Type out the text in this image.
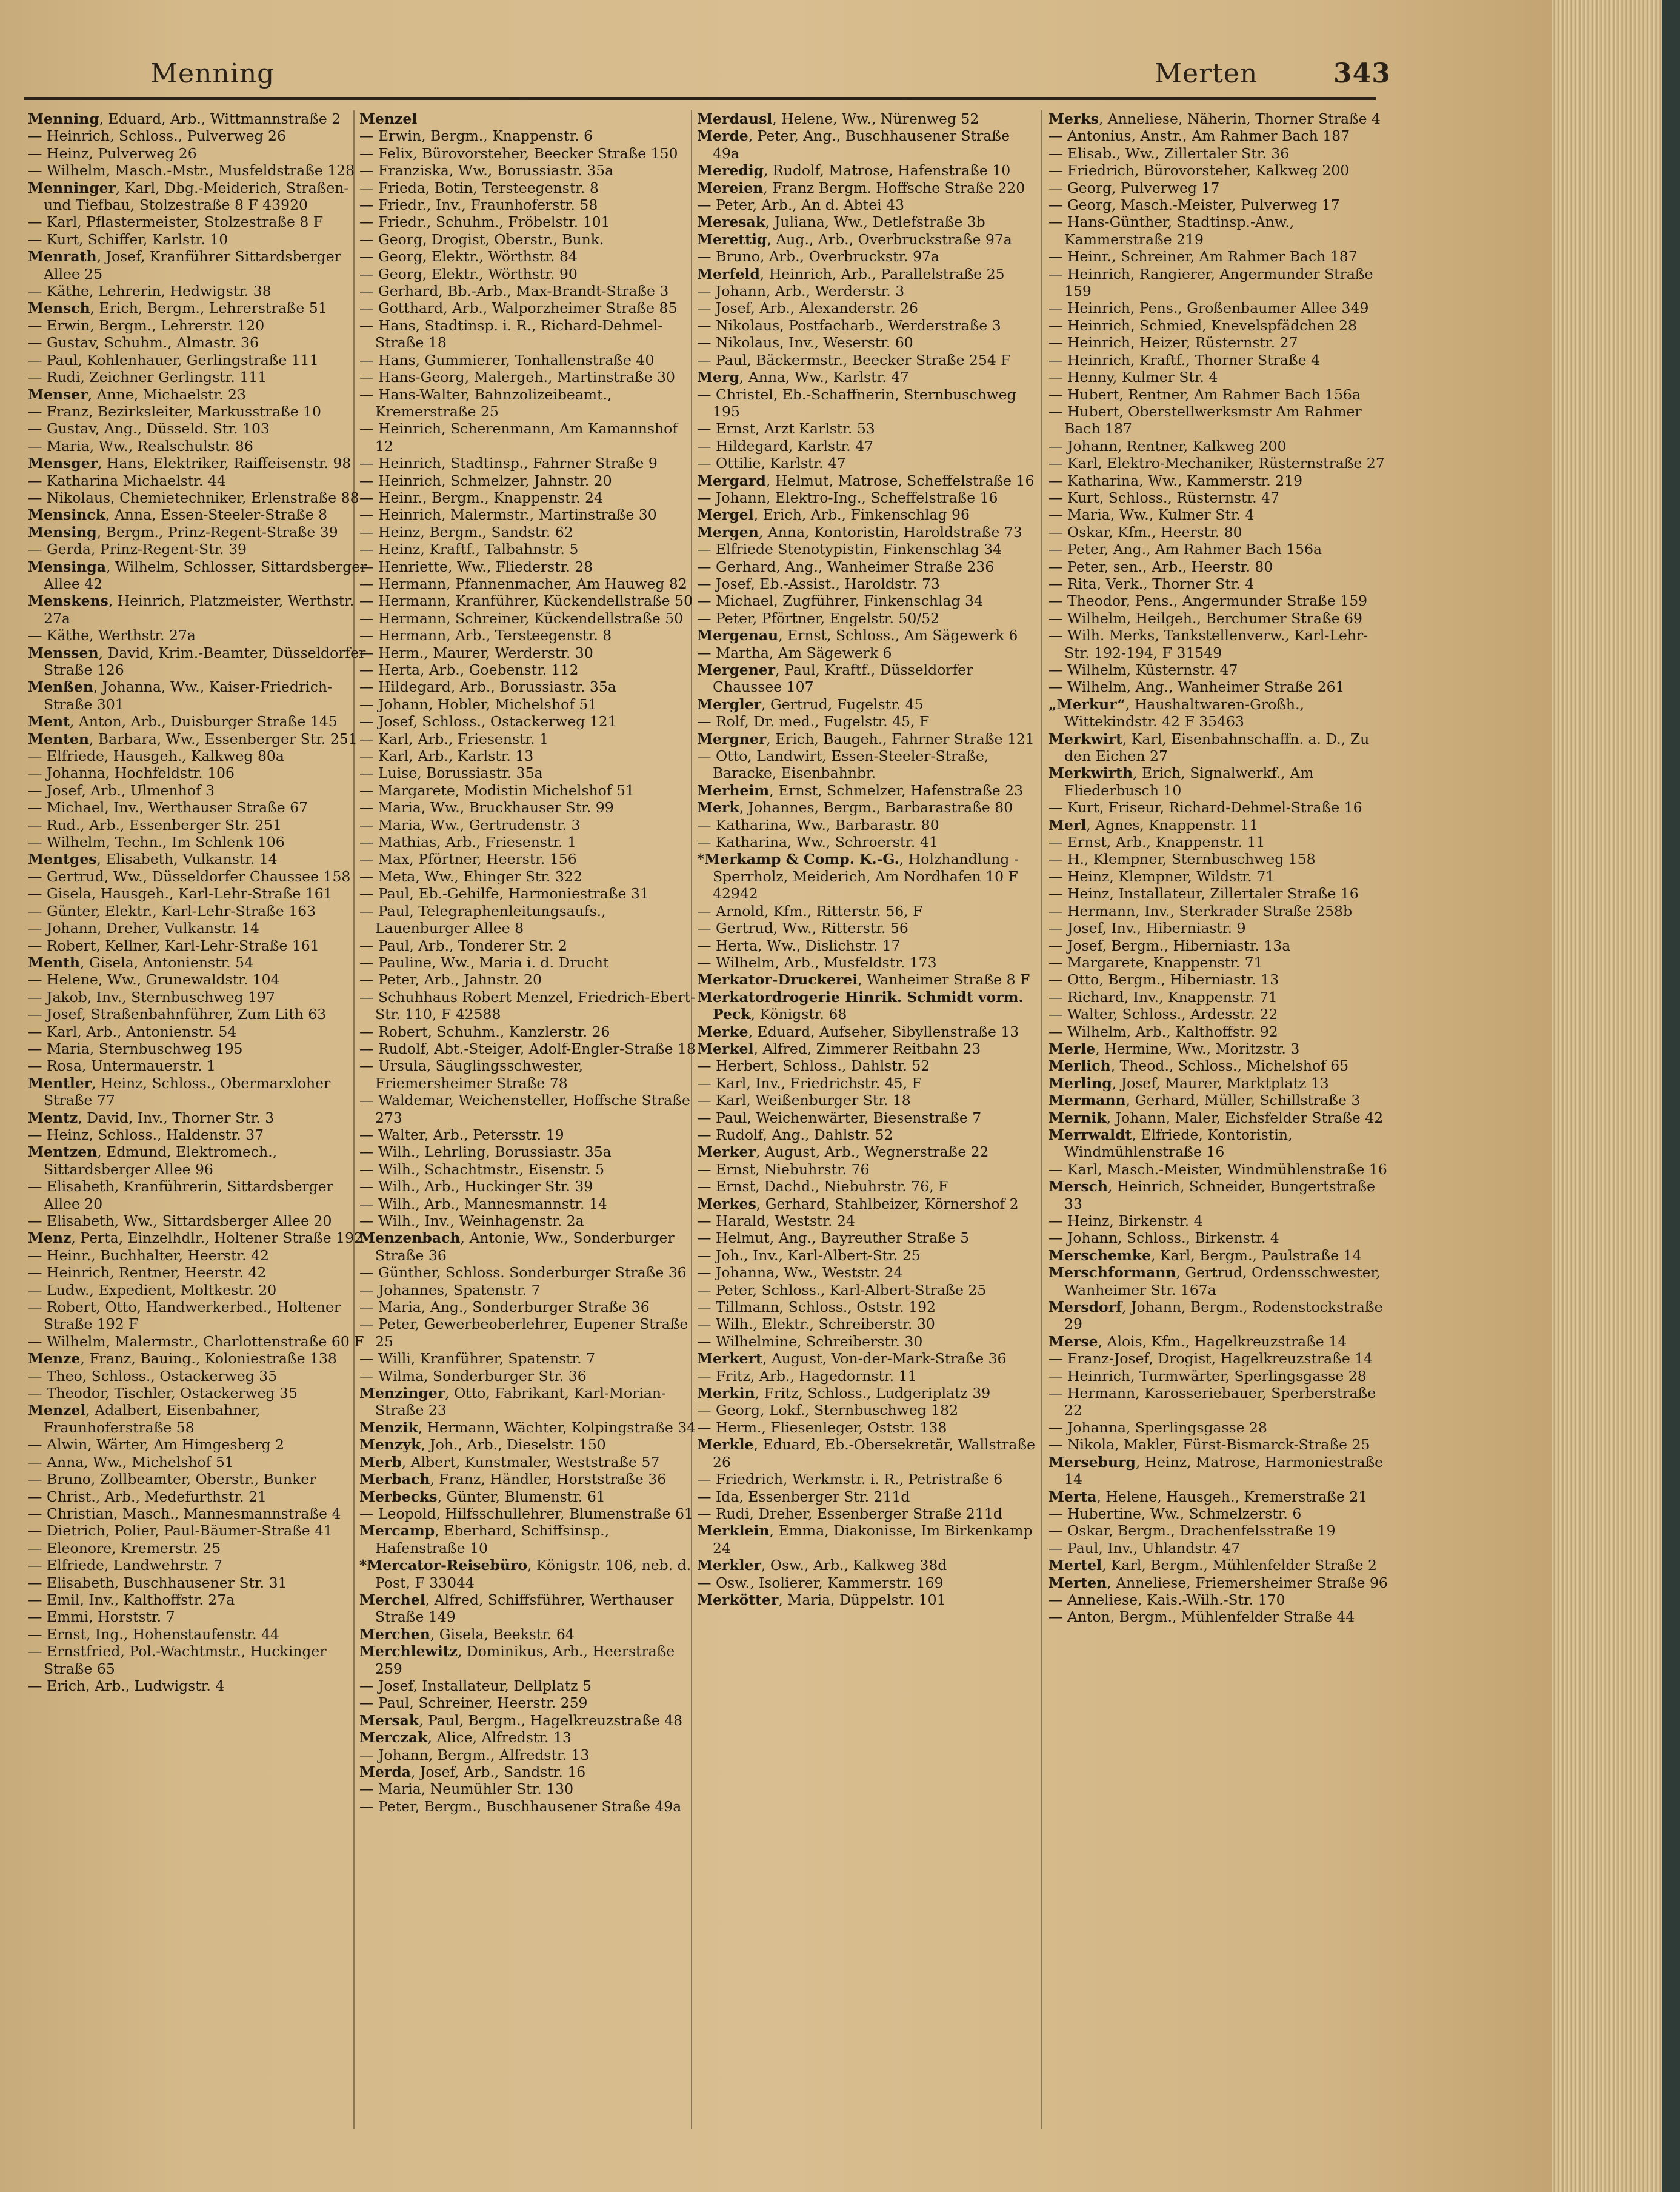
Menning	Merten	343

Menning, Eduard, Arb., Wittmannstraße 2

— Heinrich, Schloss., Pulverweg 26

— Heinz, Pulverweg 26

— Wilhelm, Masch.-Mstr., Musfeldstraße 128

Menninger, Karl, Dbg.-Meiderich, Straßen- und Tiefbau, Stolzestraße 8 F 43920

— Karl, Pflastermeister, Stolzestraße 8 F

— Kurt, Schiffer, Karlstr. 10

Menrath, Josef, Kranführer Sittardsberger Allee 25

— Käthe, Lehrerin, Hedwigstr. 38

Mensch, Erich, Bergm., Lehrerstraße 51

— Erwin, Bergm., Lehrerstr. 120

— Gustav, Schuhm., Almastr. 36

— Paul, Kohlenhauer, Gerlingstraße 111

— Rudi, Zeichner Gerlingstr. 111

Menser, Anne, Michaelstr. 23

— Franz, Bezirksleiter, Markusstraße 10

— Gustav, Ang., Düsseld. Str. 103

— Maria, Ww., Realschulstr. 86

Mensger, Hans, Elektriker, Raiffeisenstr. 98

— Katharina Michaelstr. 44

— Nikolaus, Chemietechniker, Erlenstraße 88

Mensinck, Anna, Essen-Steeler-Straße 8

Mensing, Bergm., Prinz-Regent-Straße 39

— Gerda, Prinz-Regent-Str. 39

Mensinga, Wilhelm, Schlosser, Sittardsberger Allee 42

Menskens, Heinrich, Platzmeister, Werthstr. 27a

— Käthe, Werthstr. 27a

Menssen, David, Krim.-Beamter, Düsseldorfer Straße 126

Menßen, Johanna, Ww., Kaiser-Friedrich-Straße 301

Ment, Anton, Arb., Duisburger Straße 145

Menten, Barbara, Ww., Essenberger Str. 251

— Elfriede, Hausgeh., Kalkweg 80a

— Johanna, Hochfeldstr. 106

— Josef, Arb., Ulmenhof 3

— Michael, Inv., Werthauser Straße 67

— Rud., Arb., Essenberger Str. 251

— Wilhelm, Techn., Im Schlenk 106

Mentges, Elisabeth, Vulkanstr. 14

— Gertrud, Ww., Düsseldorfer Chaussee 158

— Gisela, Hausgeh., Karl-Lehr-Straße 161

— Günter, Elektr., Karl-Lehr-Straße 163

— Johann, Dreher, Vulkanstr. 14

— Robert, Kellner, Karl-Lehr-Straße 161

Menth, Gisela, Antonienstr. 54

— Helene, Ww., Grunewaldstr. 104

— Jakob, Inv., Sternbuschweg 197

— Josef, Straßenbahnführer, Zum Lith 63

— Karl, Arb., Antonienstr. 54

— Maria, Sternbuschweg 195

— Rosa, Untermauerstr. 1

Mentler, Heinz, Schloss., Obermarxloher Straße 77

Mentz, David, Inv., Thorner Str. 3

— Heinz, Schloss., Haldenstr. 37

Mentzen, Edmund, Elektromech., Sittardsberger Allee 96

— Elisabeth, Kranführerin, Sittardsberger Allee 20

— Elisabeth, Ww., Sittardsberger Allee 20

Menz, Perta, Einzelhdlr., Holtener Straße 192

— Heinr., Buchhalter, Heerstr. 42

— Heinrich, Rentner, Heerstr. 42

— Ludw., Expedient, Moltkestr. 20

— Robert, Otto, Handwerkerbed., Holtener Straße 192 F

— Wilhelm, Malermstr., Charlottenstraße 60 F

Menze, Franz, Bauing., Koloniestraße 138

— Theo, Schloss., Ostackerweg 35

— Theodor, Tischler, Ostackerweg 35

Menzel, Adalbert, Eisenbahner, Fraunhoferstraße 58

— Alwin, Wärter, Am Himgesberg 2

— Anna, Ww., Michelshof 51

— Bruno, Zollbeamter, Oberstr., Bunker

— Christ., Arb., Medefurthstr. 21

— Christian, Masch., Mannesmannstraße 4

— Dietrich, Polier, Paul-Bäumer-Straße 41

— Eleonore, Kremerstr. 25

— Elfriede, Landwehrstr. 7

— Elisabeth, Buschhausener Str. 31

— Emil, Inv., Kalthoffstr. 27a

— Emmi, Horststr. 7

— Ernst, Ing., Hohenstaufenstr. 44

— Ernstfried, Pol.-Wachtmstr., Huckinger Straße 65

— Erich, Arb., Ludwigstr. 4

Menzel

— Erwin, Bergm., Knappenstr. 6

— Felix, Bürovorsteher, Beecker Straße 150

— Franziska, Ww., Borussiastr. 35a

— Frieda, Botin, Tersteegenstr. 8

— Friedr., Inv., Fraunhoferstr. 58

— Friedr., Schuhm., Fröbelstr. 101

— Georg, Drogist, Oberstr., Bunk.

— Georg, Elektr., Wörthstr. 84

— Georg, Elektr., Wörthstr. 90

— Gerhard, Bb.-Arb., Max-Brandt-Straße 3

— Gotthard, Arb., Walporzheimer Straße 85

— Hans, Stadtinsp. i. R., Richard-Dehmel-Straße 18

— Hans, Gummierer, Tonhallenstraße 40

— Hans-Georg, Malergeh., Martinstraße 30

— Hans-Walter, Bahnzolizeibeamt., Kremerstraße 25

— Heinrich, Scherenmann, Am Kamannshof 12

— Heinrich, Stadtinsp., Fahrner Straße 9

— Heinrich, Schmelzer, Jahnstr. 20

— Heinr., Bergm., Knappenstr. 24

— Heinrich, Malermstr., Martinstraße 30

— Heinz, Bergm., Sandstr. 62

— Heinz, Kraftf., Talbahnstr. 5

— Henriette, Ww., Fliederstr. 28

— Hermann, Pfannenmacher, Am Hauweg 82

— Hermann, Kranführer, Kückendellstraße 50

— Hermann, Schreiner, Kückendellstraße 50

— Hermann, Arb., Tersteegenstr. 8

— Herm., Maurer, Werderstr. 30

— Herta, Arb., Goebenstr. 112

— Hildegard, Arb., Borussiastr. 35a

— Johann, Hobler, Michelshof 51

— Josef, Schloss., Ostackerweg 121

— Karl, Arb., Friesenstr. 1

— Karl, Arb., Karlstr. 13

— Luise, Borussiastr. 35a

— Margarete, Modistin Michelshof 51

— Maria, Ww., Bruckhauser Str. 99

— Maria, Ww., Gertrudenstr. 3

— Mathias, Arb., Friesenstr. 1

— Max, Pförtner, Heerstr. 156

— Meta, Ww., Ehinger Str. 322

— Paul, Eb.-Gehilfe, Harmoniestraße 31

— Paul, Telegraphenleitungsaufs., Lauenburger Allee 8

— Paul, Arb., Tonderer Str. 2

— Pauline, Ww., Maria i. d. Drucht

— Peter, Arb., Jahnstr. 20

— Schuhhaus Robert Menzel, Friedrich-Ebert-Str. 110, F 42588

— Robert, Schuhm., Kanzlerstr. 26

— Rudolf, Abt.-Steiger, Adolf-Engler-Straße 18

— Ursula, Säuglingsschwester, Friemersheimer Straße 78

— Waldemar, Weichensteller, Hoffsche Straße 273

— Walter, Arb., Petersstr. 19

— Wilh., Lehrling, Borussiastr. 35a

— Wilh., Schachtmstr., Eisenstr. 5

— Wilh., Arb., Huckinger Str. 39

— Wilh., Arb., Mannesmannstr. 14

— Wilh., Inv., Weinhagenstr. 2a

Menzenbach, Antonie, Ww., Sonderburger Straße 36

— Günther, Schloss. Sonderburger Straße 36

— Johannes, Spatenstr. 7

— Maria, Ang., Sonderburger Straße 36

— Peter, Gewerbeoberlehrer, Eupener Straße 25

— Willi, Kranführer, Spatenstr. 7

— Wilma, Sonderburger Str. 36

Menzinger, Otto, Fabrikant, Karl-Morian-Straße 23

Menzik, Hermann, Wächter, Kolpingstraße 34

Menzyk, Joh., Arb., Dieselstr. 150

Merb, Albert, Kunstmaler, Weststraße 57

Merbach, Franz, Händler, Horststraße 36

Merbecks, Günter, Blumenstr. 61

— Leopold, Hilfsschullehrer, Blumenstraße 61

Mercamp, Eberhard, Schiffsinsp., Hafenstraße 10

*Mercator-Reisebüro, Königstr. 106, neb. d. Post, F 33044

Merchel, Alfred, Schiffsführer, Werthauser Straße 149

Merchen, Gisela, Beekstr. 64

Merchlewitz, Dominikus, Arb., Heerstraße 259

— Josef, Installateur, Dellplatz 5

— Paul, Schreiner, Heerstr. 259

Mersak, Paul, Bergm., Hagelkreuzstraße 48

Merczak, Alice, Alfredstr. 13

— Johann, Bergm., Alfredstr. 13

Merda, Josef, Arb., Sandstr. 16

— Maria, Neumühler Str. 130

— Peter, Bergm., Buschhausener Straße 49a

Merdausl, Helene, Ww., Nürenweg 52

Merde, Peter, Ang., Buschhausener Straße 49a

Meredig, Rudolf, Matrose, Hafenstraße 10

Mereien, Franz Bergm. Hoffsche Straße 220

— Peter, Arb., An d. Abtei 43

Meresak, Juliana, Ww., Detlefstraße 3b

Merettig, Aug., Arb., Overbruckstraße 97a

— Bruno, Arb., Overbruckstr. 97a

Merfeld, Heinrich, Arb., Parallelstraße 25

— Johann, Arb., Werderstr. 3

— Josef, Arb., Alexanderstr. 26

— Nikolaus, Postfacharb., Werderstraße 3

— Nikolaus, Inv., Weserstr. 60

— Paul, Bäckermstr., Beecker Straße 254 F

Merg, Anna, Ww., Karlstr. 47

— Christel, Eb.-Schaffnerin, Sternbuschweg 195

— Ernst, Arzt Karlstr. 53

— Hildegard, Karlstr. 47

— Ottilie, Karlstr. 47

Mergard, Helmut, Matrose, Scheffelstraße 16

— Johann, Elektro-Ing., Scheffelstraße 16

Mergel, Erich, Arb., Finkenschlag 96

Mergen, Anna, Kontoristin, Haroldstraße 73

— Elfriede Stenotypistin, Finkenschlag 34

— Gerhard, Ang., Wanheimer Straße 236

— Josef, Eb.-Assist., Haroldstr. 73

— Michael, Zugführer, Finkenschlag 34

— Peter, Pförtner, Engelstr. 50/52

Mergenau, Ernst, Schloss., Am Sägewerk 6

— Martha, Am Sägewerk 6

Mergener, Paul, Kraftf., Düsseldorfer Chaussee 107

Mergler, Gertrud, Fugelstr. 45

— Rolf, Dr. med., Fugelstr. 45, F

Mergner, Erich, Baugeh., Fahrner Straße 121

— Otto, Landwirt, Essen-Steeler-Straße, Baracke, Eisenbahnbr.

Merheim, Ernst, Schmelzer, Hafenstraße 23

Merk, Johannes, Bergm., Barbarastraße 80

— Katharina, Ww., Barbarastr. 80

— Katharina, Ww., Schroerstr. 41

*Merkamp & Comp. K.-G., Holzhandlung - Sperrholz, Meiderich, Am Nordhafen 10 F 42942

— Arnold, Kfm., Ritterstr. 56, F

— Gertrud, Ww., Ritterstr. 56

— Herta, Ww., Dislichstr. 17

— Wilhelm, Arb., Musfeldstr. 173

Merkator-Druckerei, Wanheimer Straße 8 F

Merkatordrogerie Hinrik. Schmidt vorm. Peck, Königstr. 68

Merke, Eduard, Aufseher, Sibyllenstraße 13

Merkel, Alfred, Zimmerer Reitbahn 23

— Herbert, Schloss., Dahlstr. 52

— Karl, Inv., Friedrichstr. 45, F

— Karl, Weißenburger Str. 18

— Paul, Weichenwärter, Biesenstraße 7

— Rudolf, Ang., Dahlstr. 52

Merker, August, Arb., Wegnerstraße 22

— Ernst, Niebuhrstr. 76

— Ernst, Dachd., Niebuhrstr. 76, F

Merkes, Gerhard, Stahlbeizer, Körnershof 2

— Harald, Weststr. 24

— Helmut, Ang., Bayreuther Straße 5

— Joh., Inv., Karl-Albert-Str. 25

— Johanna, Ww., Weststr. 24

— Peter, Schloss., Karl-Albert-Straße 25

— Tillmann, Schloss., Oststr. 192

— Wilh., Elektr., Schreiberstr. 30

— Wilhelmine, Schreiberstr. 30

Merkert, August, Von-der-Mark-Straße 36

— Fritz, Arb., Hagedornstr. 11

Merkin, Fritz, Schloss., Ludgeriplatz 39

— Georg, Lokf., Sternbuschweg 182

— Herm., Fliesenleger, Oststr. 138

Merkle, Eduard, Eb.-Obersekretär, Wallstraße 26

— Friedrich, Werkmstr. i. R., Petristraße 6

— Ida, Essenberger Str. 211d

— Rudi, Dreher, Essenberger Straße 211d

Merklein, Emma, Diakonisse, Im Birkenkamp 24

Merkler, Osw., Arb., Kalkweg 38d

— Osw., Isolierer, Kammerstr. 169

Merkötter, Maria, Düppelstr. 101

Merks, Anneliese, Näherin, Thorner Straße 4

— Antonius, Anstr., Am Rahmer Bach 187

— Elisab., Ww., Zillertaler Str. 36

— Friedrich, Bürovorsteher, Kalkweg 200

— Georg, Pulverweg 17

— Georg, Masch.-Meister, Pulverweg 17

— Hans-Günther, Stadtinsp.-Anw., Kammerstraße 219

— Heinr., Schreiner, Am Rahmer Bach 187

— Heinrich, Rangierer, Angermunder Straße 159

— Heinrich, Pens., Großenbaumer Allee 349

— Heinrich, Schmied, Knevelspfädchen 28

— Heinrich, Heizer, Rüsternstr. 27

— Heinrich, Kraftf., Thorner Straße 4

— Henny, Kulmer Str. 4

— Hubert, Rentner, Am Rahmer Bach 156a

— Hubert, Oberstellwerksmstr Am Rahmer Bach 187

— Johann, Rentner, Kalkweg 200

— Karl, Elektro-Mechaniker, Rüsternstraße 27

— Katharina, Ww., Kammerstr. 219

— Kurt, Schloss., Rüsternstr. 47

— Maria, Ww., Kulmer Str. 4

— Oskar, Kfm., Heerstr. 80

— Peter, Ang., Am Rahmer Bach 156a

— Peter, sen., Arb., Heerstr. 80

— Rita, Verk., Thorner Str. 4

— Theodor, Pens., Angermunder Straße 159

— Wilhelm, Heilgeh., Berchumer Straße 69

— Wilh. Merks, Tankstellenverw., Karl-Lehr-Str. 192-194, F 31549

— Wilhelm, Küsternstr. 47

— Wilhelm, Ang., Wanheimer Straße 261

„Merkur“, Haushaltwaren-Großh., Wittekindstr. 42 F 35463

Merkwirt, Karl, Eisenbahnschaffn. a. D., Zu den Eichen 27

Merkwirth, Erich, Signalwerkf., Am Fliederbusch 10

— Kurt, Friseur, Richard-Dehmel-Straße 16

Merl, Agnes, Knappenstr. 11

— Ernst, Arb., Knappenstr. 11

— H., Klempner, Sternbuschweg 158

— Heinz, Klempner, Wildstr. 71

— Heinz, Installateur, Zillertaler Straße 16

— Hermann, Inv., Sterkrader Straße 258b

— Josef, Inv., Hiberniastr. 9

— Josef, Bergm., Hiberniastr. 13a

— Margarete, Knappenstr. 71

— Otto, Bergm., Hiberniastr. 13

— Richard, Inv., Knappenstr. 71

— Walter, Schloss., Ardesstr. 22

— Wilhelm, Arb., Kalthoffstr. 92

Merle, Hermine, Ww., Moritzstr. 3

Merlich, Theod., Schloss., Michelshof 65

Merling, Josef, Maurer, Marktplatz 13

Mermann, Gerhard, Müller, Schillstraße 3

Mernik, Johann, Maler, Eichsfelder Straße 42

Merrwaldt, Elfriede, Kontoristin, Windmühlenstraße 16

— Karl, Masch.-Meister, Windmühlenstraße 16

Mersch, Heinrich, Schneider, Bungertstraße 33

— Heinz, Birkenstr. 4

— Johann, Schloss., Birkenstr. 4

Merschemke, Karl, Bergm., Paulstraße 14

Merschformann, Gertrud, Ordensschwester, Wanheimer Str. 167a

Mersdorf, Johann, Bergm., Rodenstockstraße 29

Merse, Alois, Kfm., Hagelkreuzstraße 14

— Franz-Josef, Drogist, Hagelkreuzstraße 14

— Heinrich, Turmwärter, Sperlingsgasse 28

— Hermann, Karosseriebauer, Sperberstraße 22

— Johanna, Sperlingsgasse 28

— Nikola, Makler, Fürst-Bismarck-Straße 25

Merseburg, Heinz, Matrose, Harmoniestraße 14

Merta, Helene, Hausgeh., Kremerstraße 21

— Hubertine, Ww., Schmelzerstr. 6

— Oskar, Bergm., Drachenfelsstraße 19

— Paul, Inv., Uhlandstr. 47

Mertel, Karl, Bergm., Mühlenfelder Straße 2

Merten, Anneliese, Friemersheimer Straße 96

— Anneliese, Kais.-Wilh.-Str. 170

— Anton, Bergm., Mühlenfelder Straße 44
